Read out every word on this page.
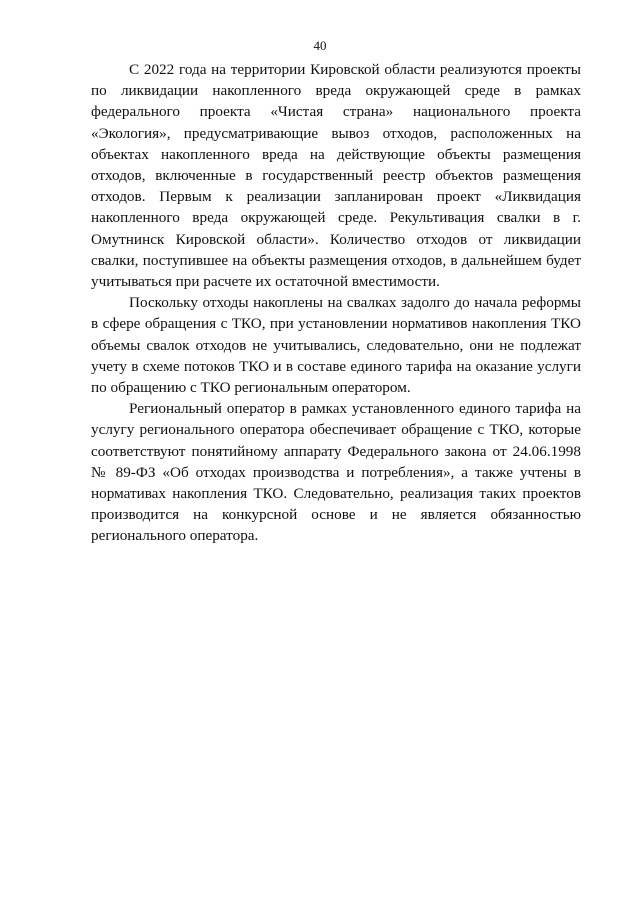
40

С 2022 года на территории Кировской области реализуются проекты по ликвидации накопленного вреда окружающей среде в рамках федерального проекта «Чистая страна» национального проекта «Экология», предусматривающие вывоз отходов, расположенных на объектах накопленного вреда на действующие объекты размещения отходов, включенные в государственный реестр объектов размещения отходов. Первым к реализации запланирован проект «Ликвидация накопленного вреда окружающей среде. Рекультивация свалки в г. Омутнинск Кировской области». Количество отходов от ликвидации свалки, поступившее на объекты размещения отходов, в дальнейшем будет учитываться при расчете их остаточной вместимости.

Поскольку отходы накоплены на свалках задолго до начала реформы в сфере обращения с ТКО, при установлении нормативов накопления ТКО объемы свалок отходов не учитывались, следовательно, они не подлежат учету в схеме потоков ТКО и в составе единого тарифа на оказание услуги по обращению с ТКО региональным оператором.

Региональный оператор в рамках установленного единого тарифа на услугу регионального оператора обеспечивает обращение с ТКО, которые соответствуют понятийному аппарату Федерального закона от 24.06.1998 № 89-ФЗ «Об отходах производства и потребления», а также учтены в нормативах накопления ТКО. Следовательно, реализация таких проектов производится на конкурсной основе и не является обязанностью регионального оператора.
